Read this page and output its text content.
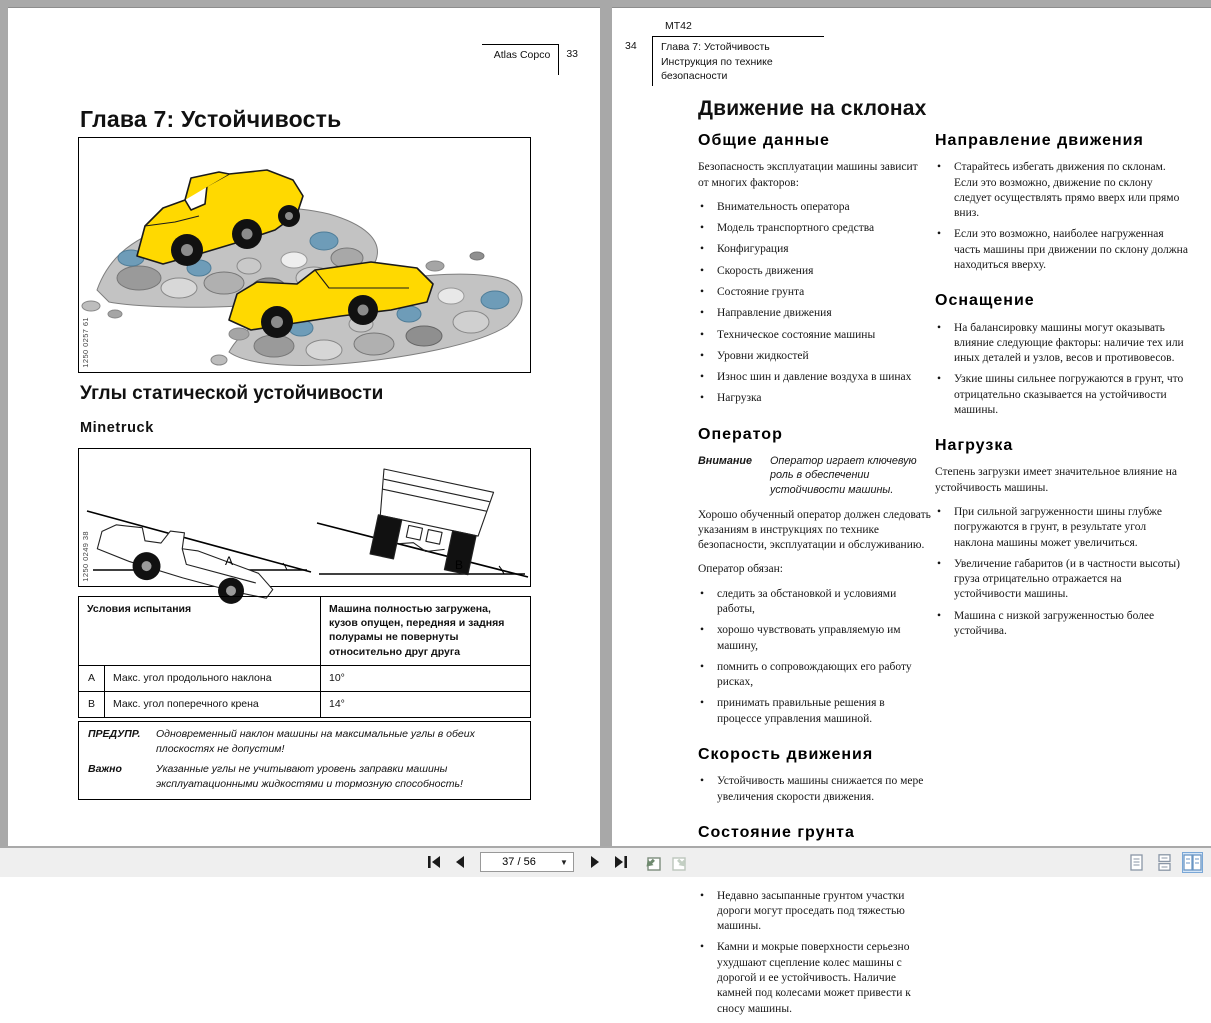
Atlas Copco	33
Глава 7: Устойчивость
1250 0257 61
Углы статической устойчивости
Minetruck
A	B
1250 0249 38
Условия испытания		Машина полностью загружена, кузов опущен, передняя и задняя полурамы не повернуты относительно друг друга
A	Макс. угол продольного наклона	10°
B	Макс. угол поперечного крена	14°
ПРЕДУПР.	Одновременный наклон машины на максимальные углы в обеих плоскостях не допустим!
Важно	Указанные углы не учитывают уровень заправки машины эксплуатационными жидкостями и тормозную способность!
MT42
34	Глава 7: Устойчивость
Инструкция по технике безопасности
Движение на склонах
Общие данные

Безопасность эксплуатации машины зависит от многих факторов:

•	Внимательность оператора
•	Модель транспортного средства
•	Конфигурация
•	Скорость движения
•	Состояние грунта
•	Направление движения
•	Техническое состояние машины
•	Уровни жидкостей
•	Износ шин и давление воздуха в шинах
•	Нагрузка
Оператор
Внимание	Оператор играет ключевую роль в обеспечении устойчивости машины.

Хорошо обученный оператор должен следовать указаниям в инструкциях по технике безопасности, эксплуатации и обслуживанию.

Оператор обязан:

•	следить за обстановкой и условиями работы,
•	хорошо чувствовать управляемую им машину,
•	помнить о сопровождающих его работу рисках,
•	принимать правильные решения в процессе управления машиной.
Скорость движения
•	Устойчивость машины снижается по мере увеличения скорости движения.
Состояние грунта
•	Недавно засыпанные грунтом участки дороги могут проседать под тяжестью машины.
•	Камни и мокрые поверхности серьезно ухудшают сцепление колес машины с дорогой и ее устойчивость. Наличие камней под колесами может привести к сносу машины.
Направление движения
•	Старайтесь избегать движения по склонам. Если это возможно, движение по склону следует осуществлять прямо вверх или прямо вниз.
•	Если это возможно, наиболее нагруженная часть машины при движении по склону должна находиться вверху.
Оснащение
•	На балансировку машины могут оказывать влияние следующие факторы: наличие тех или иных деталей и узлов, весов и противовесов.
•	Узкие шины сильнее погружаются в грунт, что отрицательно сказывается на устойчивости машины.
Нагрузка

Степень загрузки имеет значительное влияние на устойчивость машины.

•	При сильной загруженности шины глубже погружаются в грунт, в результате угол наклона машины может увеличиться.
•	Увеличение габаритов (и в частности высоты) груза отрицательно отражается на устойчивости машины.
•	Машина с низкой загруженностью более устойчива.
37 / 56
▼
